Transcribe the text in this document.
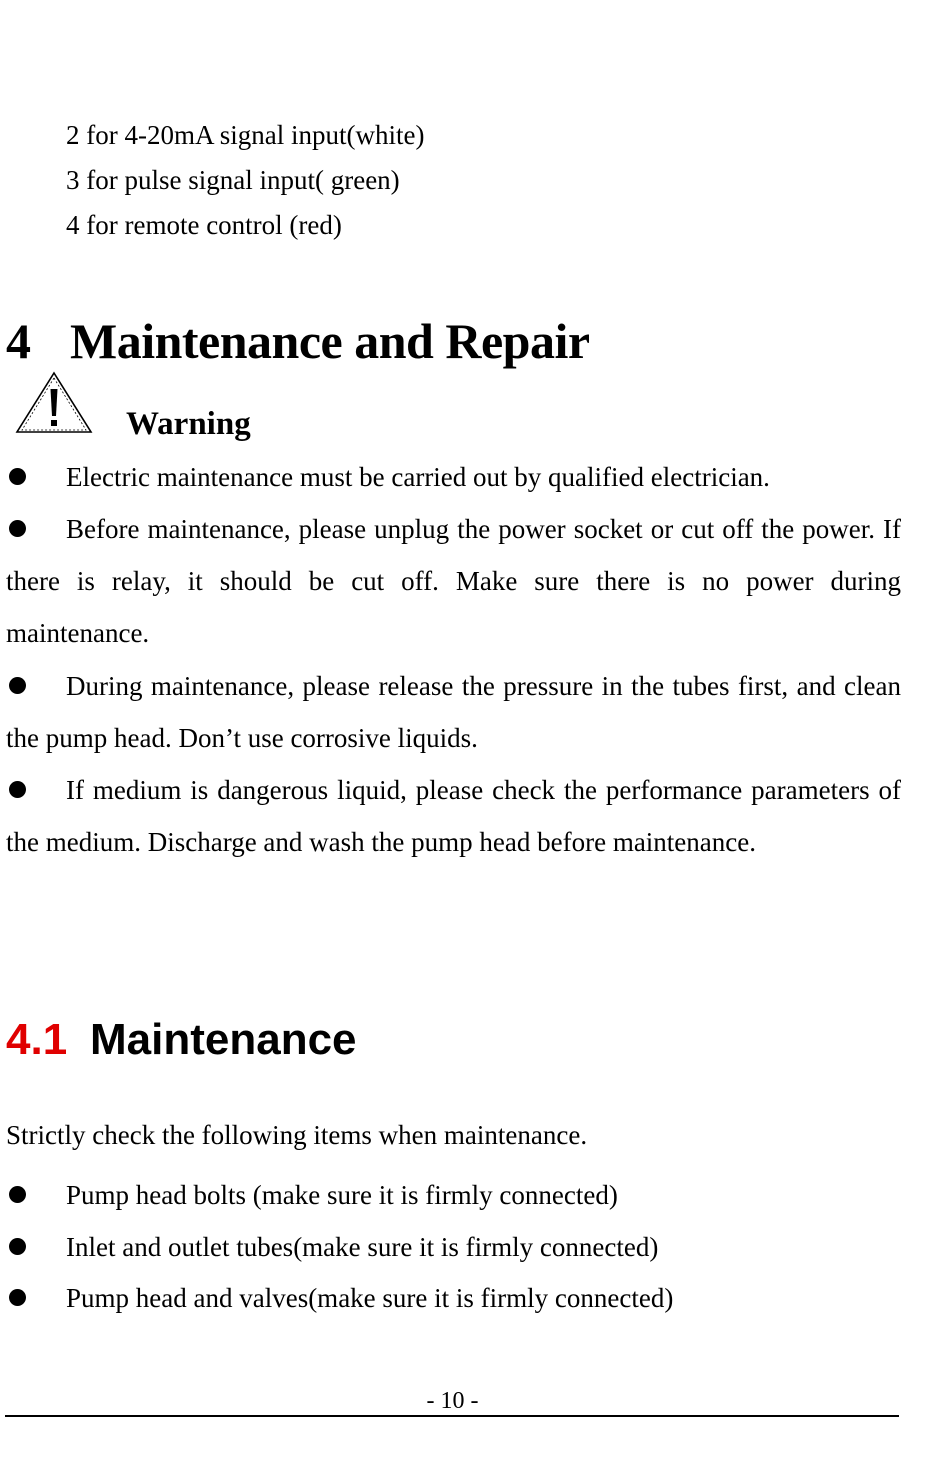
2 for 4-20mA signal input(white)
3 for pulse signal input( green)
4 for remote control (red)
4 Maintenance and Repair
Warning
Electric maintenance must be carried out by qualified electrician.
Before maintenance, please unplug the power socket or cut off the power. If there is relay, it should be cut off. Make sure there is no power during maintenance.
During maintenance, please release the pressure in the tubes first, and clean the pump head. Don’t use corrosive liquids.
If medium is dangerous liquid, please check the performance parameters of the medium. Discharge and wash the pump head before maintenance.
4.1 Maintenance
Strictly check the following items when maintenance.
Pump head bolts (make sure it is firmly connected)
Inlet and outlet tubes(make sure it is firmly connected)
Pump head and valves(make sure it is firmly connected)
- 10 -
